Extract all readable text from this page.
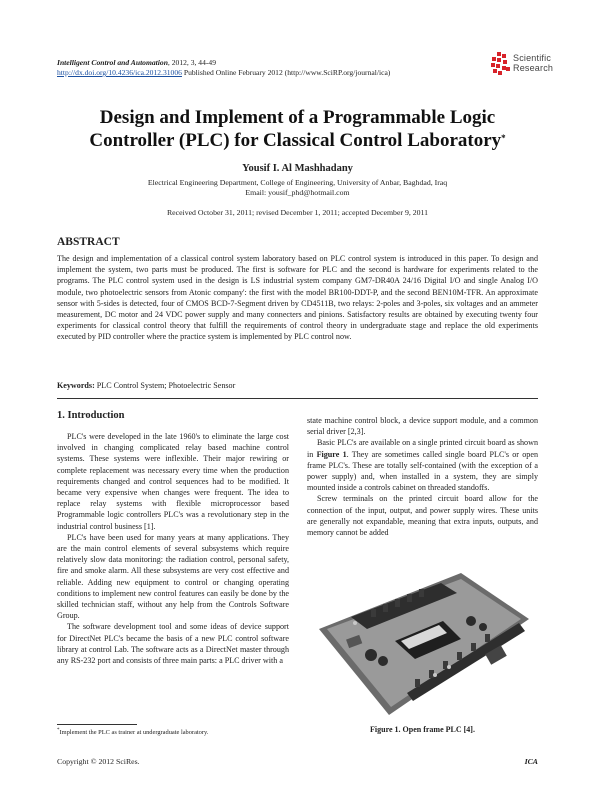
Intelligent Control and Automation, 2012, 3, 44-49
http://dx.doi.org/10.4236/ica.2012.31006 Published Online February 2012 (http://www.SciRP.org/journal/ica)
Scientific
Research
Design and Implement of a Programmable Logic Controller (PLC) for Classical Control Laboratory*
Yousif I. Al Mashhadany
Electrical Engineering Department, College of Engineering, University of Anbar, Baghdad, Iraq
Email: yousif_phd@hotmail.com
Received October 31, 2011; revised December 1, 2011; accepted December 9, 2011
ABSTRACT
The design and implementation of a classical control system laboratory based on PLC control system is introduced in this paper. To design and implement the system, two parts must be produced. The first is software for PLC and the second is hardware for experiments related to the programs. The PLC control system used in the design is LS industrial system company GM7-DR40A 24/16 Digital I/O and single Analog I/O module, two photoelectric sensors from Atonic company': the first with the model BR100-DDT-P, and the second BEN10M-TFR. An approximate sensor with 5-sides is detected, four of CMOS BCD-7-Segment driven by CD4511B, two relays: 2-poles and 3-poles, six voltages and an ammeter measurement, DC motor and 24 VDC power supply and many connecters and pinions. Satisfactory results are obtained by executing twenty four experiments for classical control theory that fulfill the requirements of control theory in undergraduate stage and replace the old experiments executed by PID controller where the practice system is implemented by PLC control now.
Keywords: PLC Control System; Photoelectric Sensor
1. Introduction

PLC's were developed in the late 1960's to eliminate the large cost involved in changing complicated relay based machine control systems. These systems were inflexible. Their major rewiring or complete replacement was necessary every time when the production requirements changed and control sequences had to be modified. It became very expensive when changes were frequent. The idea to replace relay systems with flexible microprocessor based Programmable logic controllers PLC's was a revolutionary step in the industrial control business [1].

PLC's have been used for many years at many applications. They are the main control elements of several subsystems which require relatively slow data monitoring: the radiation control, personal safety, fire and smoke alarm. All these subsystems are very cost effective and reliable. Adding new equipment to control or changing operating conditions to implement new control features can easily be done by the skilled technician staff, without any help from the Controls Software Group.

The software development tool and some ideas of device support for DirectNet PLC's became the basis of a new PLC control software library at control Lab. The software acts as a DirectNet master through any RS-232 port and consists of three main parts: a PLC driver with a

state machine control block, a device support module, and a common serial driver [2,3].

Basic PLC's are available on a single printed circuit board as shown in Figure 1. They are sometimes called single board PLC's or open frame PLC's. These are totally self-contained (with the exception of a power supply) and, when installed in a system, they are simply mounted inside a controls cabinet on threaded standoffs.

Screw terminals on the printed circuit board allow for the connection of the input, output, and power supply wires. These units are generally not expandable, meaning that extra inputs, outputs, and memory cannot be added

Figure 1. Open frame PLC [4].
*Implement the PLC as trainer at undergraduate laboratory.
Copyright © 2012 SciRes.	ICA
